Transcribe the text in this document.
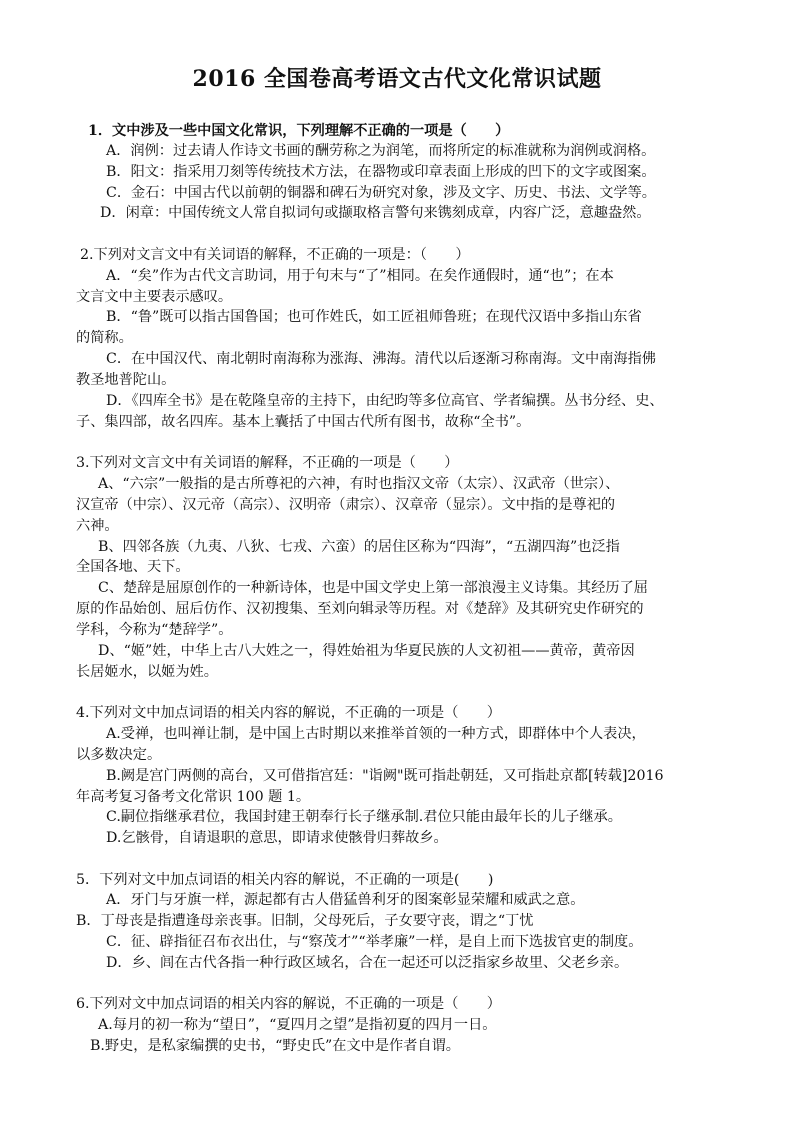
2016 全国卷高考语文古代文化常识试题
1．文中涉及一些中国文化常识，下列理解不正确的一项是（　　）
A．润例：过去请人作诗文书画的酬劳称之为润笔，而将所定的标准就称为润例或润格。
B．阳文：指采用刀刻等传统技术方法，在器物或印章表面上形成的凹下的文字或图案。
C．金石：中国古代以前朝的铜器和碑石为研究对象，涉及文字、历史、书法、文学等。
D．闲章：中国传统文人常自拟词句或撷取格言警句来镌刻成章，内容广泛，意趣盎然。
2.下列对文言文中有关词语的解释，不正确的一项是：（　　）
A．“矣”作为古代文言助词，用于句末与“了”相同。在矣作通假时，通“也”；在本
文言文中主要表示感叹。
B．“鲁”既可以指古国鲁国；也可作姓氏，如工匠祖师鲁班；在现代汉语中多指山东省
的简称。
C．在中国汉代、南北朝时南海称为涨海、沸海。清代以后逐渐习称南海。文中南海指佛
教圣地普陀山。
D．《四库全书》是在乾隆皇帝的主持下，由纪昀等多位高官、学者编撰。丛书分经、史、
子、集四部，故名四库。基本上囊括了中国古代所有图书，故称“全书”。
3.下列对文言文中有关词语的解释，不正确的一项是（　　）
A、“六宗”一般指的是古所尊祀的六神，有时也指汉文帝（太宗）、汉武帝（世宗）、
汉宣帝（中宗）、汉元帝（高宗）、汉明帝（肃宗）、汉章帝（显宗）。文中指的是尊祀的
六神。
B、四邻各族（九夷、八狄、七戎、六蛮）的居住区称为“四海”，“五湖四海”也泛指
全国各地、天下。
C、楚辞是屈原创作的一种新诗体，也是中国文学史上第一部浪漫主义诗集。其经历了屈
原的作品始创、屈后仿作、汉初搜集、至刘向辑录等历程。对《楚辞》及其研究史作研究的
学科，今称为“楚辞学”。
D、“姬”姓，中华上古八大姓之一，得姓始祖为华夏民族的人文初祖——黄帝，黄帝因
长居姬水，以姬为姓。
4.下列对文中加点词语的相关内容的解说，不正确的一项是（　　）
A.受禅，也叫禅让制，是中国上古时期以来推举首领的一种方式，即群体中个人表决，
以多数决定。
B.阙是宫门两侧的高台，又可借指宫廷："诣阙"既可指赴朝廷，又可指赴京都[转载]2016
年高考复习备考文化常识 100 题 1。
C.嗣位指继承君位，我国封建王朝奉行长子继承制.君位只能由最年长的儿子继承。
D.乞骸骨，自请退职的意思，即请求使骸骨归葬故乡。
5．下列对文中加点词语的相关内容的解说，不正确的一项是(　　)
A．牙门与牙旗一样，源起都有古人借猛兽利牙的图案彰显荣耀和威武之意。
B．丁母丧是指遭逢母亲丧事。旧制，父母死后，子女要守丧，谓之“丁忧
C．征、辟指征召布衣出仕，与“察茂才”“举孝廉”一样，是自上而下选拔官吏的制度。
D．乡、闾在古代各指一种行政区域名，合在一起还可以泛指家乡故里、父老乡亲。
6.下列对文中加点词语的相关内容的解说，不正确的一项是（　　）
A.每月的初一称为“望日”，“夏四月之望”是指初夏的四月一日。
B.野史，是私家编撰的史书，“野史氏”在文中是作者自谓。
